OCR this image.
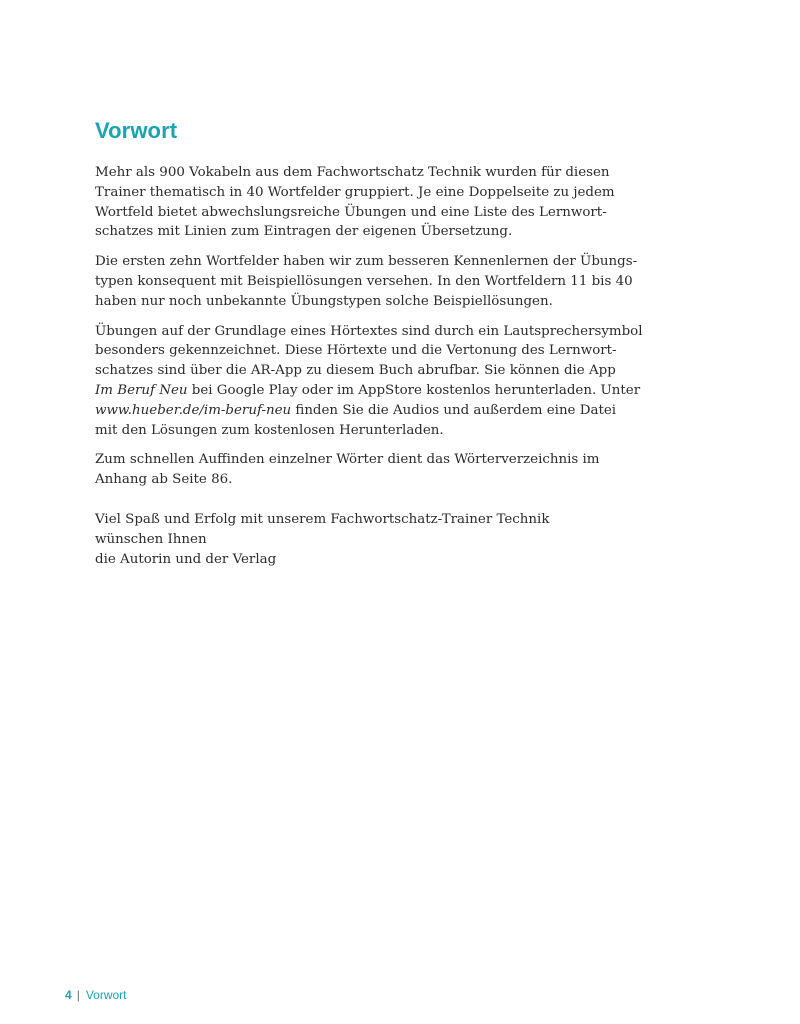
Vorwort

Mehr als 900 Vokabeln aus dem Fachwortschatz Technik wurden für diesen
Trainer thematisch in 40 Wortfelder gruppiert. Je eine Doppelseite zu jedem
Wortfeld bietet abwechslungsreiche Übungen und eine Liste des Lernwort-
schatzes mit Linien zum Eintragen der eigenen Übersetzung.

Die ersten zehn Wortfelder haben wir zum besseren Kennenlernen der Übungs-
typen konsequent mit Beispiellösungen versehen. In den Wortfeldern 11 bis 40
haben nur noch unbekannte Übungstypen solche Beispiellösungen.

Übungen auf der Grundlage eines Hörtextes sind durch ein Lautsprechersymbol
besonders gekennzeichnet. Diese Hörtexte und die Vertonung des Lernwort-
schatzes sind über die AR-App zu diesem Buch abrufbar. Sie können die App
Im Beruf Neu bei Google Play oder im AppStore kostenlos herunterladen. Unter
www.hueber.de/im-beruf-neu finden Sie die Audios und außerdem eine Datei
mit den Lösungen zum kostenlosen Herunterladen.

Zum schnellen Auffinden einzelner Wörter dient das Wörterverzeichnis im
Anhang ab Seite 86.

Viel Spaß und Erfolg mit unserem Fachwortschatz-Trainer Technik
wünschen Ihnen
die Autorin und der Verlag

4 | Vorwort
